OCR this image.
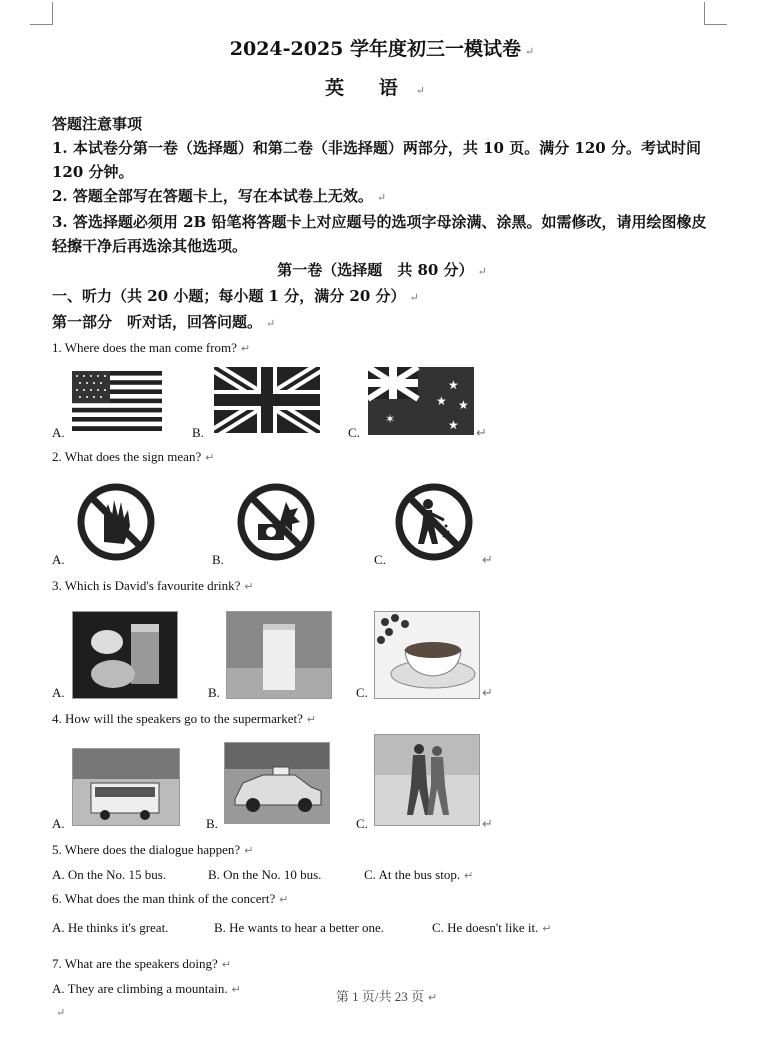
2024-2025 学年度初三一模试卷 ↵
英 语 ↵
答题注意事项
1. 本试卷分第一卷（选择题）和第二卷（非选择题）两部分，共 10 页。满分 120 分。考试时间 120 分钟。
2. 答题全部写在答题卡上，写在本试卷上无效。 ↵
3. 答选择题必须用 2B 铅笔将答题卡上对应题号的选项字母涂满、涂黑。如需修改，请用绘图橡皮轻擦干净后再选涂其他选项。
第一卷（选择题　共 80 分） ↵
一、听力（共 20 小题；每小题 1 分，满分 20 分） ↵
第一部分　听对话，回答问题。 ↵
1. Where does the man come from? ↵
A.	B.	C.
✶
★
★ ★
★ ↵
2. What does the sign mean? ↵
A.	B.	C.	↵
3. Which is David's favourite drink? ↵
A.	B.	C.	↵
4. How will the speakers go to the supermarket? ↵
A.	B.	C.	↵
5. Where does the dialogue happen? ↵
A. On the No. 15 bus.	B. On the No. 10 bus.	C. At the bus stop. ↵
6. What does the man think of the concert? ↵
A. He thinks it's great.	B. He wants to hear a better one.	C. He doesn't like it. ↵
7. What are the speakers doing? ↵
A. They are climbing a mountain. ↵	第 1 页/共 23 页 ↵
↵
